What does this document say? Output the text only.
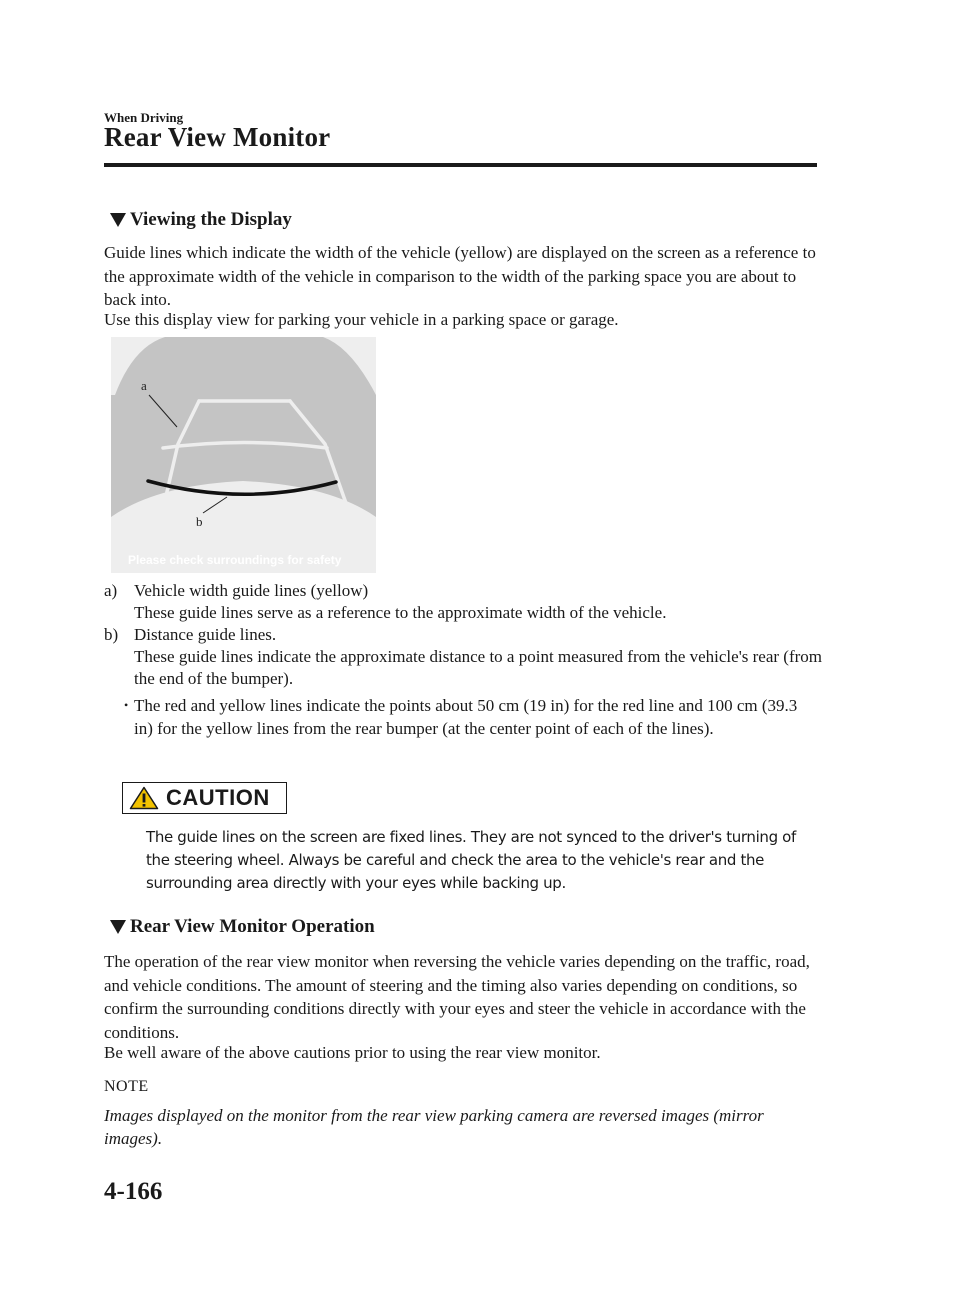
When Driving

Rear View Monitor
Viewing the Display

Guide lines which indicate the width of the vehicle (yellow) are displayed on the screen as a reference to the approximate width of the vehicle in comparison to the width of the parking space you are about to back into.

Use this display view for parking your vehicle in a parking space or garage.

a
b
Please check surroundings for safety
a) Vehicle width guide lines (yellow)
These guide lines serve as a reference to the approximate width of the vehicle.
b) Distance guide lines.
These guide lines indicate the approximate distance to a point measured from the vehicle's rear (from the end of the bumper).
• The red and yellow lines indicate the points about 50 cm (19 in) for the red line and 100 cm (39.3 in) for the yellow lines from the rear bumper (at the center point of each of the lines).
CAUTION

The guide lines on the screen are fixed lines. They are not synced to the driver's turning of the steering wheel. Always be careful and check the area to the vehicle's rear and the surrounding area directly with your eyes while backing up.

Rear View Monitor Operation

The operation of the rear view monitor when reversing the vehicle varies depending on the traffic, road, and vehicle conditions. The amount of steering and the timing also varies depending on conditions, so confirm the surrounding conditions directly with your eyes and steer the vehicle in accordance with the conditions.

Be well aware of the above cautions prior to using the rear view monitor.

NOTE

Images displayed on the monitor from the rear view parking camera are reversed images (mirror images).

4-166
